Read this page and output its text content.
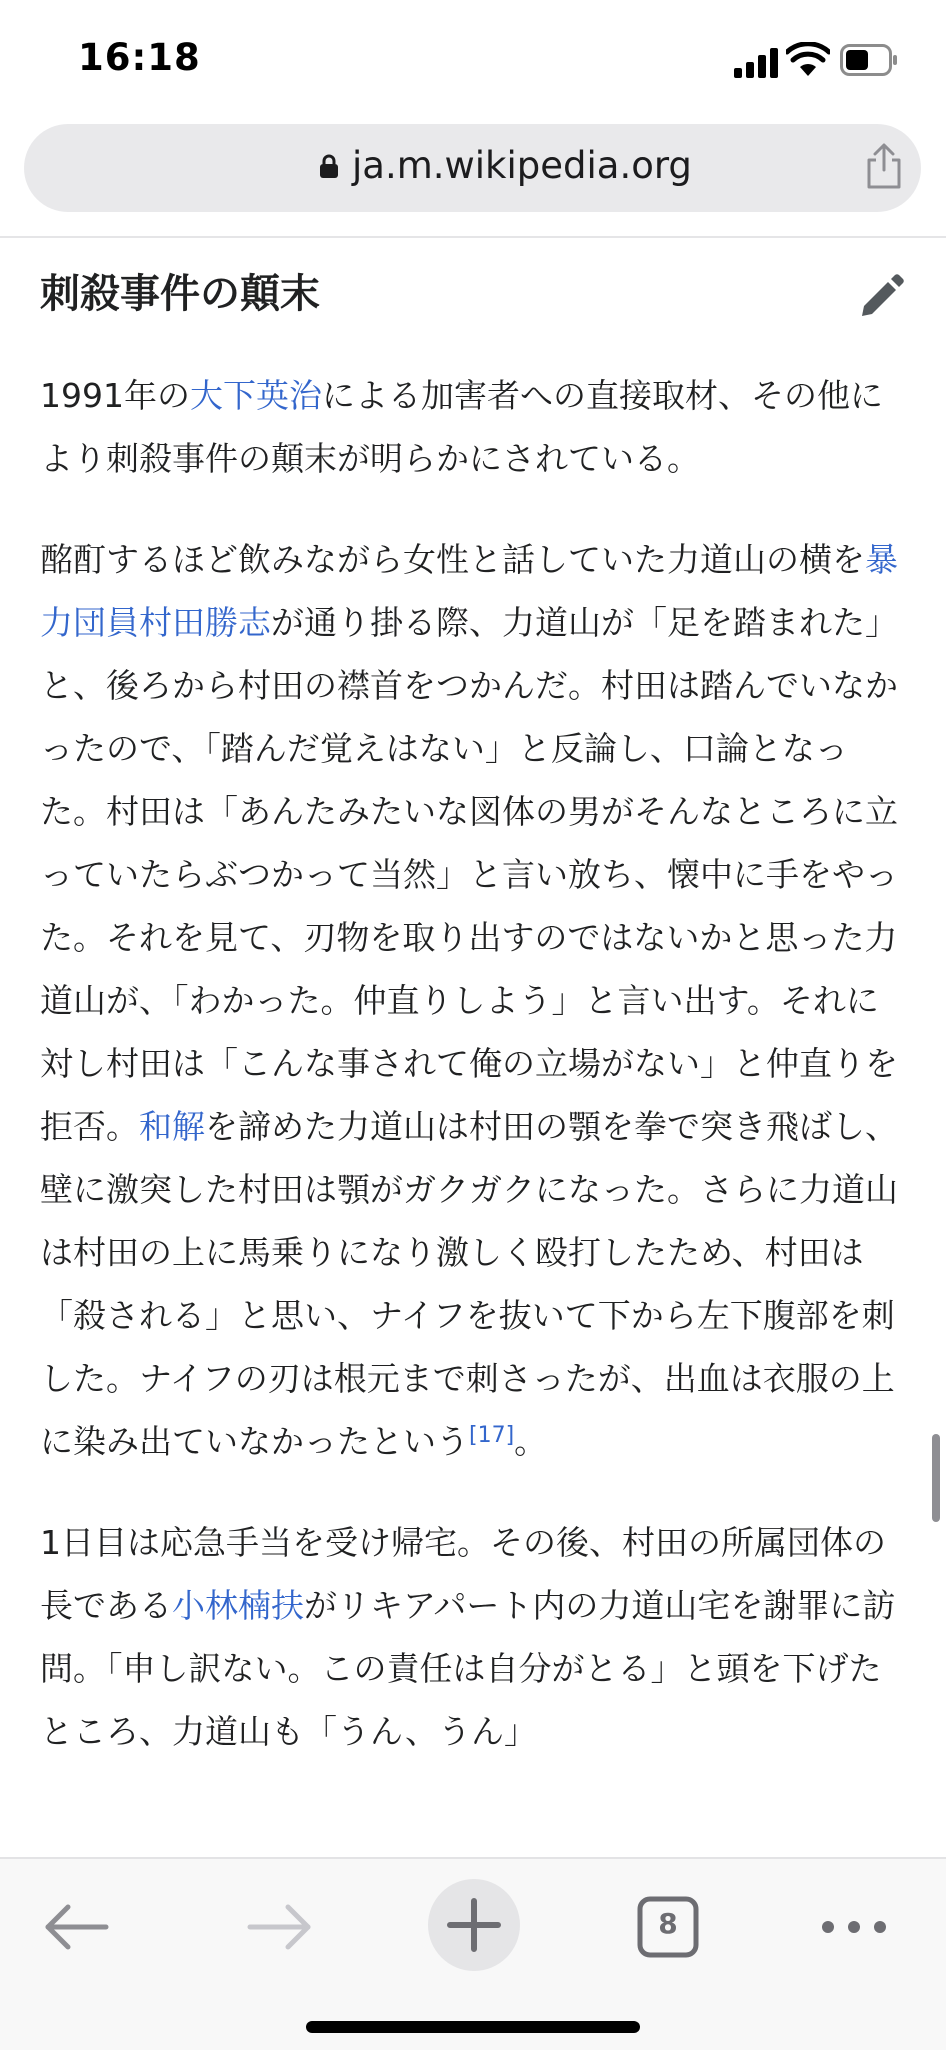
16:18
ja.m.wikipedia.org
刺殺事件の顛末

1991年の大下英治による加害者への直接取材、その他により刺殺事件の顛末が明らかにされている。

酩酊するほど飲みながら女性と話していた力道山の横を暴力団員村田勝志が通り掛る際、力道山が「足を踏まれた」と、後ろから村田の襟首をつかんだ。村田は踏んでいなかったので、「踏んだ覚えはない」と反論し、口論となった。村田は「あんたみたいな図体の男がそんなところに立っていたらぶつかって当然」と言い放ち、懐中に手をやった。それを見て、刃物を取り出すのではないかと思った力道山が、「わかった。仲直りしよう」と言い出す。それに対し村田は「こんな事されて俺の立場がない」と仲直りを拒否。和解を諦めた力道山は村田の顎を拳で突き飛ばし、壁に激突した村田は顎がガクガクになった。さらに力道山は村田の上に馬乗りになり激しく殴打したため、村田は「殺される」と思い、ナイフを抜いて下から左下腹部を刺した。ナイフの刃は根元まで刺さったが、出血は衣服の上に染み出ていなかったという[17]。

1日目は応急手当を受け帰宅。その後、村田の所属団体の長である小林楠扶がリキアパート内の力道山宅を謝罪に訪問。「申し訳ない。この責任は自分がとる」と頭を下げたところ、力道山も「うん、うん」

8
